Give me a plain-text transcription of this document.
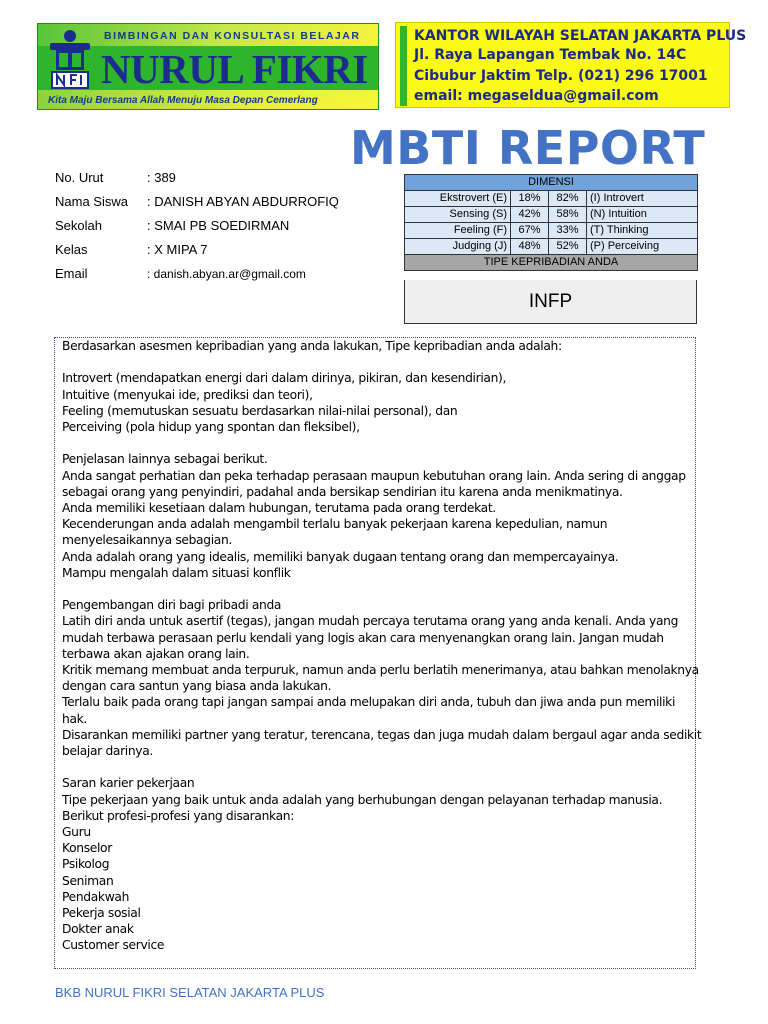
BIMBINGAN DAN KONSULTASI BELAJAR
NURUL FIKRI
Kita Maju Bersama Allah Menuju Masa Depan Cemerlang
KANTOR WILAYAH SELATAN JAKARTA PLUS
Jl. Raya Lapangan Tembak No. 14C
Cibubur Jaktim Telp. (021) 296 17001
email: megaseldua@gmail.com
MBTI REPORT
No. Urut	: 389
Nama Siswa : DANISH ABYAN ABDURROFIQ
Sekolah	: SMAI PB SOEDIRMAN
Kelas	: X MIPA 7
Email	: danish.abyan.ar@gmail.com
DIMENSI			
Ekstrovert (E)	18%	82%	(I) Introvert
Sensing (S)	42%	58%	(N) Intuition
Feeling (F)	67%	33%	(T) Thinking
Judging (J)	48%	52%	(P) Perceiving
TIPE KEPRIBADIAN ANDA			
INFP

Berdasarkan asesmen kepribadian yang anda lakukan, Tipe kepribadian anda adalah:

Introvert (mendapatkan energi dari dalam dirinya, pikiran, dan kesendirian),

Intuitive (menyukai ide, prediksi dan teori),

Feeling (memutuskan sesuatu berdasarkan nilai-nilai personal), dan

Perceiving (pola hidup yang spontan dan fleksibel),

Penjelasan lainnya sebagai berikut.

Anda sangat perhatian dan peka terhadap perasaan maupun kebutuhan orang lain. Anda sering di anggap

sebagai orang yang penyindiri, padahal anda bersikap sendirian itu karena anda menikmatinya.

Anda memiliki kesetiaan dalam hubungan, terutama pada orang terdekat.

Kecenderungan anda adalah mengambil terlalu banyak pekerjaan karena kepedulian, namun

menyelesaikannya sebagian.

Anda adalah orang yang idealis, memiliki banyak dugaan tentang orang dan mempercayainya.

Mampu mengalah dalam situasi konflik

Pengembangan diri bagi pribadi anda

Latih diri anda untuk asertif (tegas), jangan mudah percaya terutama orang yang anda kenali. Anda yang

mudah terbawa perasaan perlu kendali yang logis akan cara menyenangkan orang lain. Jangan mudah

terbawa akan ajakan orang lain.

Kritik memang membuat anda terpuruk, namun anda perlu berlatih menerimanya, atau bahkan menolaknya

dengan cara santun yang biasa anda lakukan.

Terlalu baik pada orang tapi jangan sampai anda melupakan diri anda, tubuh dan jiwa anda pun memiliki

hak.

Disarankan memiliki partner yang teratur, terencana, tegas dan juga mudah dalam bergaul agar anda sedikit

belajar darinya.

Saran karier pekerjaan

Tipe pekerjaan yang baik untuk anda adalah yang berhubungan dengan pelayanan terhadap manusia.

Berikut profesi-profesi yang disarankan:

Guru

Konselor

Psikolog

Seniman

Pendakwah

Pekerja sosial

Dokter anak

Customer service

BKB NURUL FIKRI SELATAN JAKARTA PLUS
